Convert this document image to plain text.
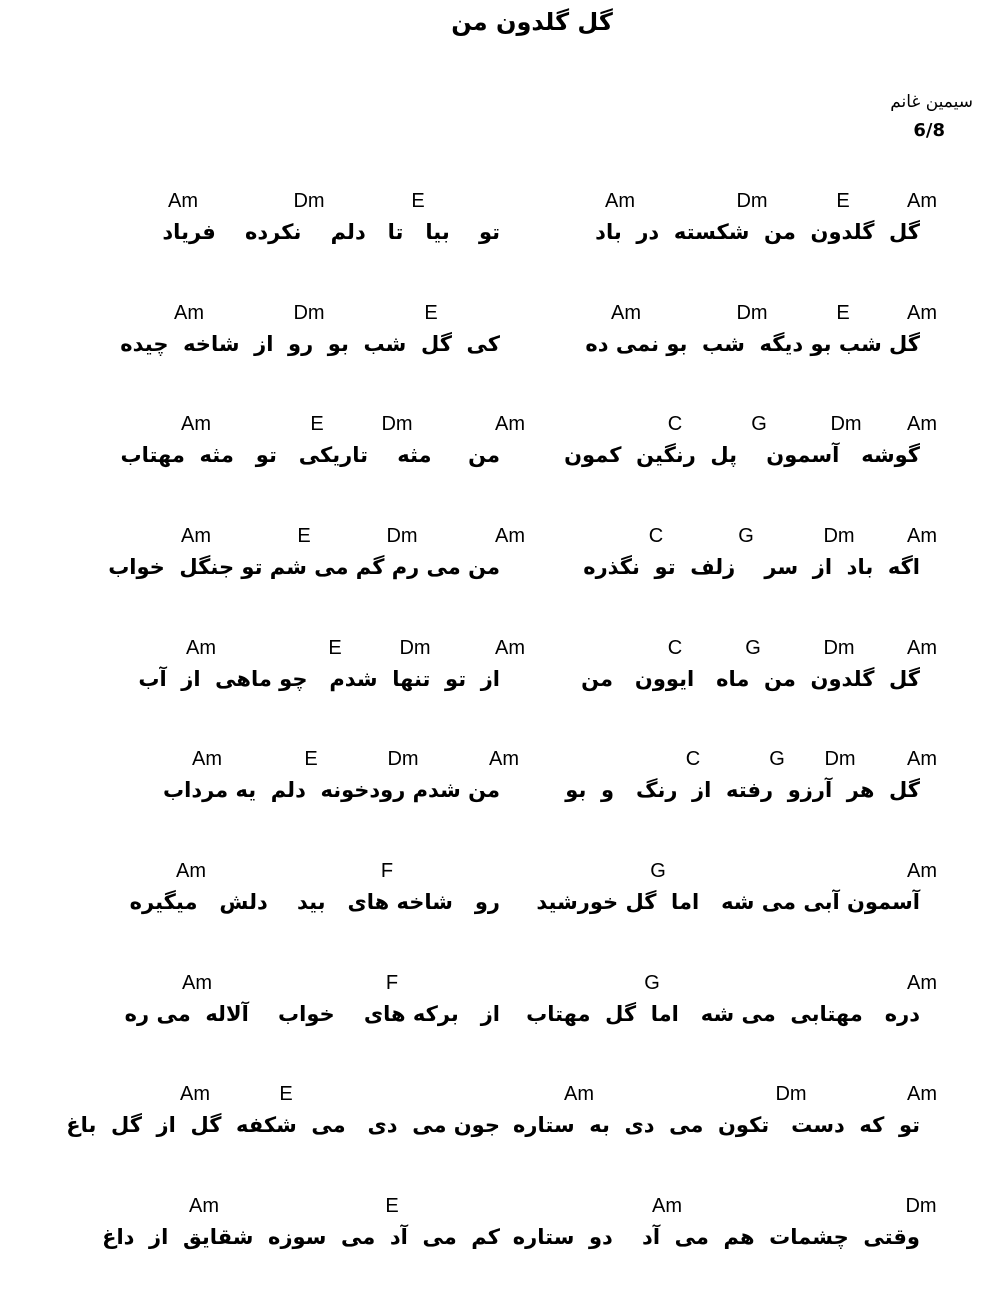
گل گلدون من
سیمین غانم
6/8
Am	Dm	E	Am
گل  گلدون  من  شکسته  در  باد
Am	Dm	E
تو    بیا   تا   دلم    نکرده    فریاد
Am	Dm	E	Am
گل شب بو دیگه  شب  بو نمی ده
Am	Dm	E
کی  گل  شب  بو  رو  از  شاخه  چیده
C	G	Dm Am
گوشه   آسمون    پل  رنگین  کمون
Am	E	Dm	Am
من     مثه    تاریکی   تو   مثه  مهتاب
C	G	Dm	Am
اگه  باد  از  سر    زلف  تو  نگذره
Am	E	Dm	Am
من می رم گم می شم تو جنگل  خواب
C	G	Dm	Am
گل  گلدون  من  ماه   ایوون   من
Am	E	Dm	Am
از  تو  تنها  شدم   چو ماهی  از  آب
C	G Dm	Am
گل  هر  آرزو  رفته  از  رنگ   و  بو
Am	E	Dm	Am
من شدم رودخونه  دلم  یه مرداب
G	Am
آسمون آبی می شه   اما  گل خورشید
Am	F
رو   شاخه های   بید    دلش   میگیره
G	Am
دره   مهتابی  می شه   اما  گل  مهتاب
Am	F
از   برکه های    خواب    آلاله  می ره
Am	Dm	Am
تو  که  دست   تکون  می  دی  به  ستاره
Am	E
جون می  دی   می  شکفه  گل  از  گل  باغ
Am	Dm
وقتی  چشمات  هم  می  آد    دو  ستاره
Am	E
کم  می  آد  می  سوزه  شقایق  از  داغ
